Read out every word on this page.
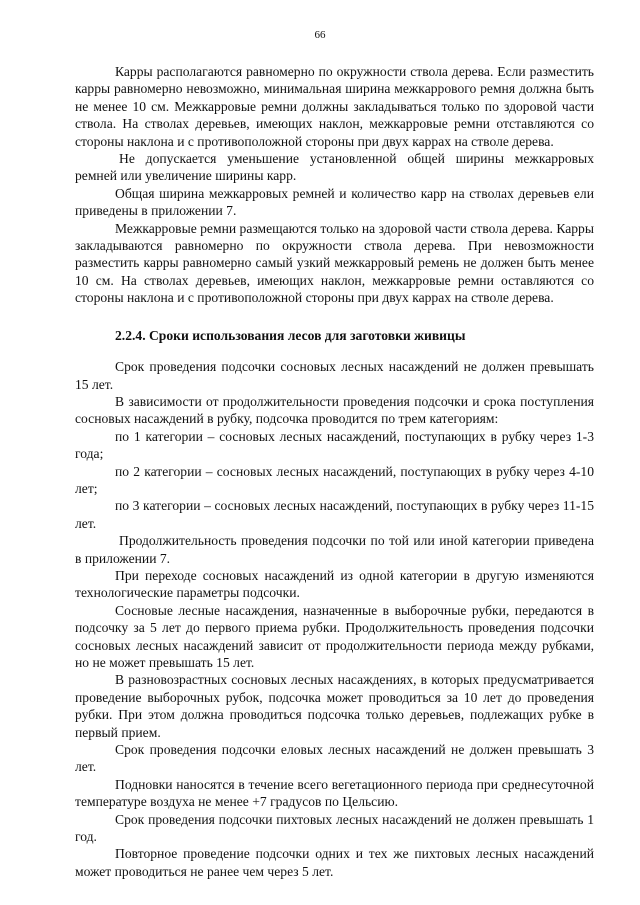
66

Карры располагаются равномерно по окружности ствола дерева. Если разместить карры равномерно невозможно, минимальная ширина межкаррового ремня должна быть не менее 10 см. Межкарровые ремни должны закладываться только по здоровой части ствола. На стволах деревьев, имеющих наклон, межкарровые ремни отставляются со стороны наклона и с противоположной стороны при двух каррах на стволе дерева.

Не допускается уменьшение установленной общей ширины межкарровых ремней или увеличение ширины карр.

Общая ширина межкарровых ремней и количество карр на стволах деревьев ели приведены в приложении 7.

Межкарровые ремни размещаются только на здоровой части ствола дерева. Карры закладываются равномерно по окружности ствола дерева. При невозможности разместить карры равномерно самый узкий межкарровый ремень не должен быть менее 10 см. На стволах деревьев, имеющих наклон, межкарровые ремни оставляются со стороны наклона и с противоположной стороны при двух каррах на стволе дерева.

2.2.4. Сроки использования лесов для заготовки живицы

Срок проведения подсочки сосновых лесных насаждений не должен превышать 15 лет.

В зависимости от продолжительности проведения подсочки и срока поступления сосновых насаждений в рубку, подсочка проводится по трем категориям:

по 1 категории – сосновых лесных насаждений, поступающих в рубку через 1-3 года;

по 2 категории – сосновых лесных насаждений, поступающих в рубку через 4-10 лет;

по 3 категории – сосновых лесных насаждений, поступающих в рубку через 11-15 лет.

Продолжительность проведения подсочки по той или иной категории приведена в приложении 7.

При переходе сосновых насаждений из одной категории в другую изменяются технологические параметры подсочки.

Сосновые лесные насаждения, назначенные в выборочные рубки, передаются в подсочку за 5 лет до первого приема рубки. Продолжительность проведения подсочки сосновых лесных насаждений зависит от продолжительности периода между рубками, но не может превышать 15 лет.

В разновозрастных сосновых лесных насаждениях, в которых предусматривается проведение выборочных рубок, подсочка может проводиться за 10 лет до проведения рубки. При этом должна проводиться подсочка только деревьев, подлежащих рубке в первый прием.

Срок проведения подсочки еловых лесных насаждений не должен превышать 3 лет.

Подновки наносятся в течение всего вегетационного периода при среднесуточной температуре воздуха не менее +7 градусов по Цельсию.

Срок проведения подсочки пихтовых лесных насаждений не должен превышать 1 год.

Повторное проведение подсочки одних и тех же пихтовых лесных насаждений может проводиться не ранее чем через 5 лет.
